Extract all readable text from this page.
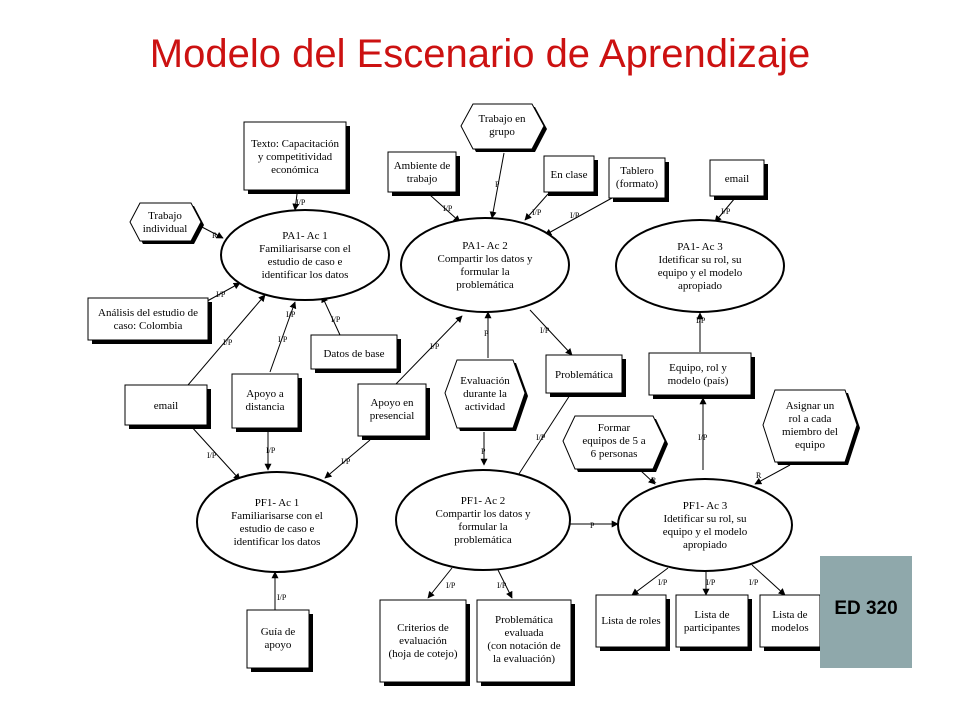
Modelo del Escenario de Aprendizaje
I/P
R
I/P
I/P
I/P
I/P	I/P
I/P
P
I/P	I/P	I/P
P	I/P
I/P
I/P
I/P
I/P
I/P
I/P
P
I/P
I/P	I/P
P
I/P
R
R
I/P	I/P	I/P
PA1- Ac 1
Familiarisarse con el
estudio de caso e
identificar los datos
PA1- Ac 2
Compartir los datos y
formular la
problemática
PA1- Ac 3
Idetificar su rol, su
equipo y el modelo
apropiado
PF1- Ac 1
Familiarisarse con el
estudio de caso e
identificar los datos
PF1- Ac 2
Compartir los datos y
formular la
problemática
PF1- Ac 3
Idetificar su rol, su
equipo y el modelo
apropiado
Texto: Capacitación
y competitividad
económica
Análisis del estudio de
caso: Colombia
Datos de base
email
Apoyo a
distancia	Apoyo en
presencial
Ambiente de
trabajo	En clase	Tablero
(formato)
Problemática
email
Equipo, rol y
modelo (país)
Guía de
apoyo
Criterios de
evaluación
(hoja de cotejo)
Problemática
evaluada
(con notación de
la evaluación)
Lista de roles	Lista de
participantes
Lista de
modelos
Trabajo
individual
Trabajo en
grupo
Evaluación
durante la
actividad
Formar
equipos de 5 a
6 personas
Asignar un
rol a cada
miembro del
equipo
ED 320
